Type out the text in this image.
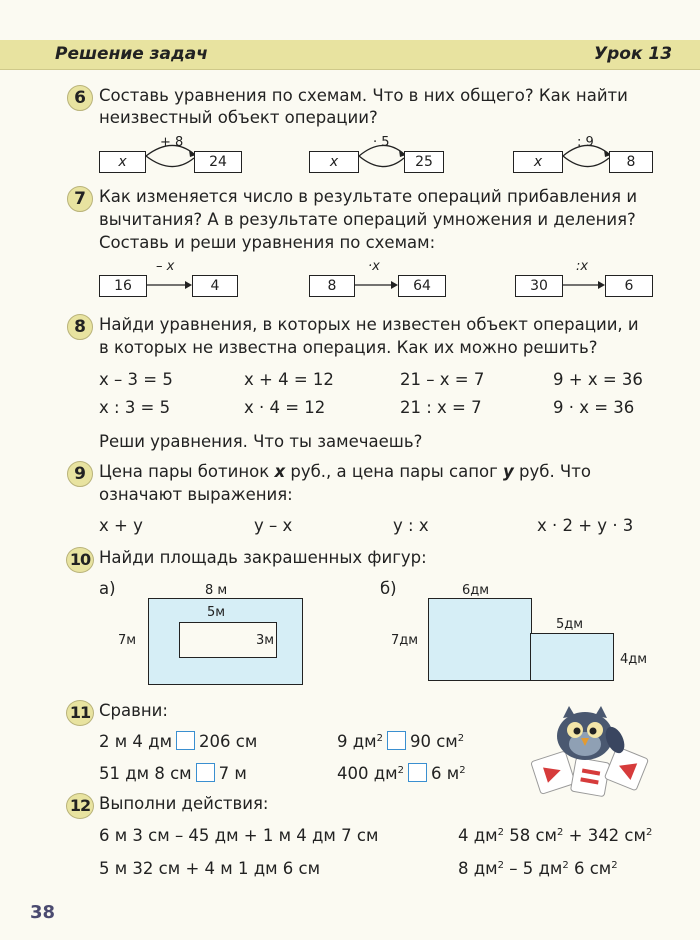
Решение задач	Урок 13
6 Составь уравнения по схемам. Что в них общего? Как найти
неизвестный объект операции?
x
+ 8
24	x
· 5
25	x
: 9
8
7 Как изменяется число в результате операций прибавления и
вычитания? А в результате операций умножения и деления?
Составь и реши уравнения по схемам:
16
– x
4	8
·x
64	30
:x
6
8 Найди уравнения, в которых не известен объект операции, и
в которых не известна операция. Как их можно решить?
x – 3 = 5	x + 4 = 12	21 – x = 7	9 + x = 36
x : 3 = 5	x · 4 = 12	21 : x = 7	9 · x = 36
Реши уравнения. Что ты замечаешь?
9 Цена пары ботинок x руб., а цена пары сапог y руб. Что
означают выражения:
x + y	y – x	y : x	x · 2 + y · 3
10 Найди площадь закрашенных фигур:
а)	8 м
5м
3м
7м
б)	6дм
5дм
7дм
4дм
11 Сравни:
2 м 4 дм 206 см	9 $дм^2$ 90 $см^2$
51 дм 8 см 7 м	400 $дм^2$ 6 $м^2$
12 Выполни действия:
6 м 3 см – 45 дм + 1 м 4 дм 7 см
5 м 32 см + 4 м 1 дм 6 см
4 $дм^2$ 58 $см^2 + 342$ $см^2$
8 $дм^2 - 5$ $дм^2$ 6 $см^2$
38
